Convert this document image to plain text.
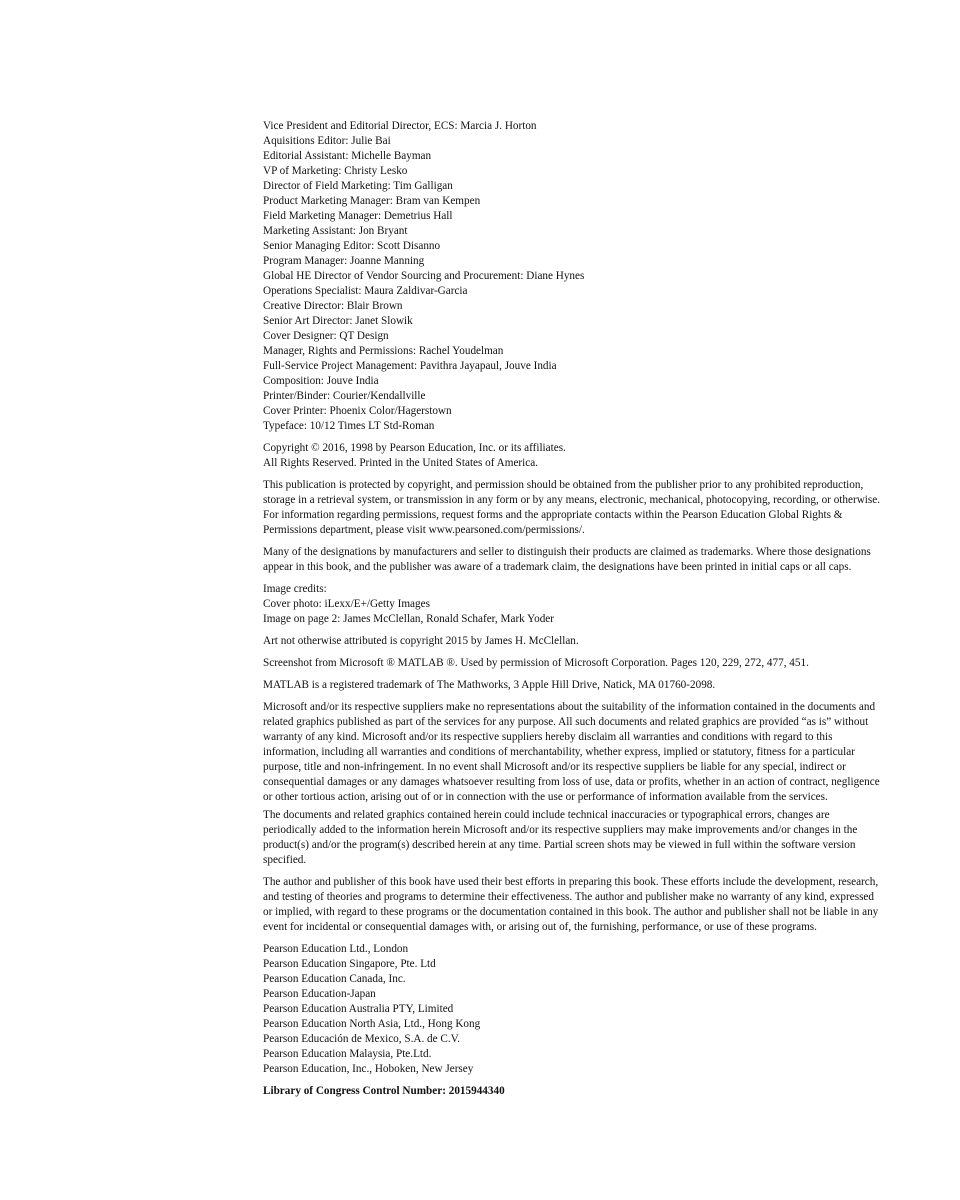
Vice President and Editorial Director, ECS: Marcia J. Horton
Aquisitions Editor: Julie Bai
Editorial Assistant: Michelle Bayman
VP of Marketing: Christy Lesko
Director of Field Marketing: Tim Galligan
Product Marketing Manager: Bram van Kempen
Field Marketing Manager: Demetrius Hall
Marketing Assistant: Jon Bryant
Senior Managing Editor: Scott Disanno
Program Manager: Joanne Manning
Global HE Director of Vendor Sourcing and Procurement: Diane Hynes
Operations Specialist: Maura Zaldivar-Garcia
Creative Director: Blair Brown
Senior Art Director: Janet Slowik
Cover Designer: QT Design
Manager, Rights and Permissions: Rachel Youdelman
Full-Service Project Management: Pavithra Jayapaul, Jouve India
Composition: Jouve India
Printer/Binder: Courier/Kendallville
Cover Printer: Phoenix Color/Hagerstown
Typeface: 10/12 Times LT Std-Roman
Copyright © 2016, 1998 by Pearson Education, Inc. or its affiliates.
All Rights Reserved. Printed in the United States of America.
This publication is protected by copyright, and permission should be obtained from the publisher prior to any prohibited reproduction,
storage in a retrieval system, or transmission in any form or by any means, electronic, mechanical, photocopying, recording, or otherwise.
For information regarding permissions, request forms and the appropriate contacts within the Pearson Education Global Rights &
Permissions department, please visit www.pearsoned.com/permissions/.
Many of the designations by manufacturers and seller to distinguish their products are claimed as trademarks. Where those designations
appear in this book, and the publisher was aware of a trademark claim, the designations have been printed in initial caps or all caps.
Image credits:
Cover photo: iLexx/E+/Getty Images
Image on page 2: James McClellan, Ronald Schafer, Mark Yoder
Art not otherwise attributed is copyright 2015 by James H. McClellan.
Screenshot from Microsoft ® MATLAB ®. Used by permission of Microsoft Corporation. Pages 120, 229, 272, 477, 451.
MATLAB is a registered trademark of The Mathworks, 3 Apple Hill Drive, Natick, MA 01760-2098.
Microsoft and/or its respective suppliers make no representations about the suitability of the information contained in the documents and
related graphics published as part of the services for any purpose. All such documents and related graphics are provided “as is” without
warranty of any kind. Microsoft and/or its respective suppliers hereby disclaim all warranties and conditions with regard to this
information, including all warranties and conditions of merchantability, whether express, implied or statutory, fitness for a particular
purpose, title and non-infringement. In no event shall Microsoft and/or its respective suppliers be liable for any special, indirect or
consequential damages or any damages whatsoever resulting from loss of use, data or profits, whether in an action of contract, negligence
or other tortious action, arising out of or in connection with the use or performance of information available from the services.
The documents and related graphics contained herein could include technical inaccuracies or typographical errors, changes are
periodically added to the information herein Microsoft and/or its respective suppliers may make improvements and/or changes in the
product(s) and/or the program(s) described herein at any time. Partial screen shots may be viewed in full within the software version
specified.
The author and publisher of this book have used their best efforts in preparing this book. These efforts include the development, research,
and testing of theories and programs to determine their effectiveness. The author and publisher make no warranty of any kind, expressed
or implied, with regard to these programs or the documentation contained in this book. The author and publisher shall not be liable in any
event for incidental or consequential damages with, or arising out of, the furnishing, performance, or use of these programs.
Pearson Education Ltd., London
Pearson Education Singapore, Pte. Ltd
Pearson Education Canada, Inc.
Pearson Education-Japan
Pearson Education Australia PTY, Limited
Pearson Education North Asia, Ltd., Hong Kong
Pearson Educación de Mexico, S.A. de C.V.
Pearson Education Malaysia, Pte.Ltd.
Pearson Education, Inc., Hoboken, New Jersey
Library of Congress Control Number: 2015944340
